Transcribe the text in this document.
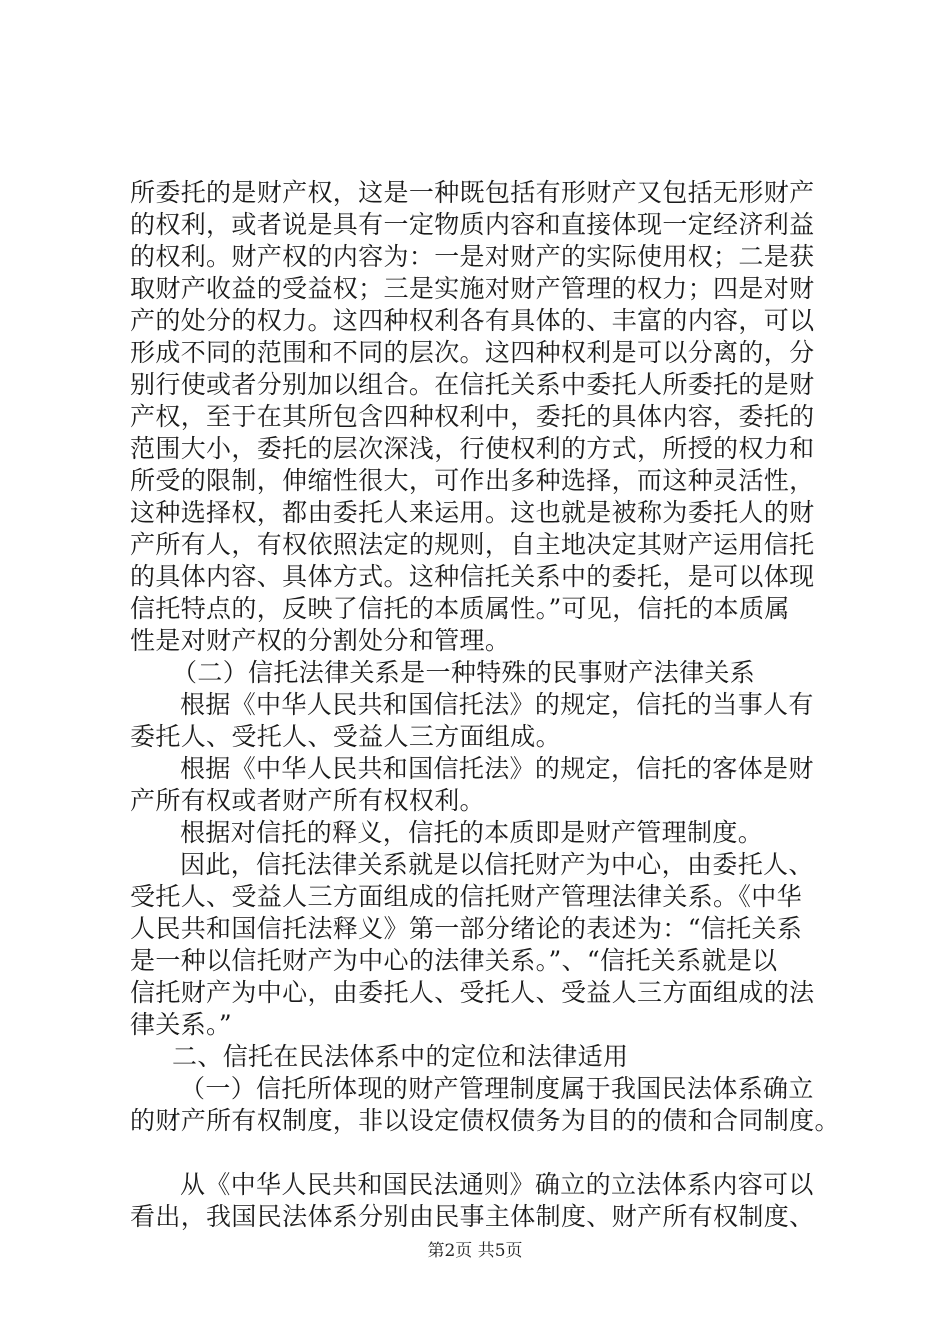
所委托的是财产权，这是一种既包括有形财产又包括无形财产
的权利，或者说是具有一定物质内容和直接体现一定经济利益
的权利。财产权的内容为：一是对财产的实际使用权；二是获
取财产收益的受益权；三是实施对财产管理的权力；四是对财
产的处分的权力。这四种权利各有具体的、丰富的内容，可以
形成不同的范围和不同的层次。这四种权利是可以分离的，分
别行使或者分别加以组合。在信托关系中委托人所委托的是财
产权，至于在其所包含四种权利中，委托的具体内容，委托的
范围大小，委托的层次深浅，行使权利的方式，所授的权力和
所受的限制，伸缩性很大，可作出多种选择，而这种灵活性，
这种选择权，都由委托人来运用。这也就是被称为委托人的财
产所有人，有权依照法定的规则，自主地决定其财产运用信托
的具体内容、具体方式。这种信托关系中的委托，是可以体现
信托特点的，反映了信托的本质属性。”可见，信托的本质属
性是对财产权的分割处分和管理。
（二）信托法律关系是一种特殊的民事财产法律关系
根据《中华人民共和国信托法》的规定，信托的当事人有
委托人、受托人、受益人三方面组成。
根据《中华人民共和国信托法》的规定，信托的客体是财
产所有权或者财产所有权权利。
根据对信托的释义，信托的本质即是财产管理制度。
因此，信托法律关系就是以信托财产为中心，由委托人、
受托人、受益人三方面组成的信托财产管理法律关系。《中华
人民共和国信托法释义》第一部分绪论的表述为：“信托关系
是一种以信托财产为中心的法律关系。”、“信托关系就是以
信托财产为中心，由委托人、受托人、受益人三方面组成的法
律关系。”
二、信托在民法体系中的定位和法律适用
（一）信托所体现的财产管理制度属于我国民法体系确立
的财产所有权制度，非以设定债权债务为目的的债和合同制度。
从《中华人民共和国民法通则》确立的立法体系内容可以
看出，我国民法体系分别由民事主体制度、财产所有权制度、
第2页 共5页
